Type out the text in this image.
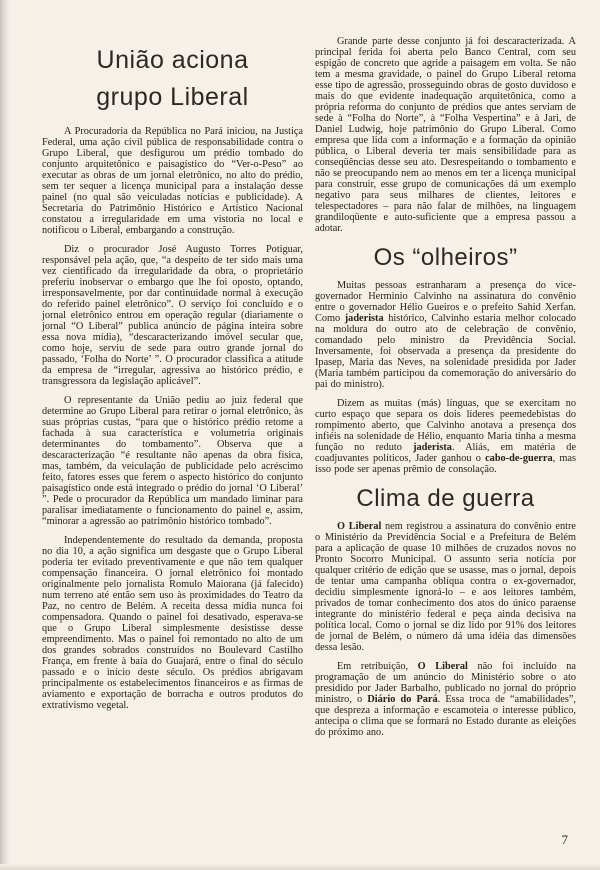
União aciona
grupo Liberal

A Procuradoria da República no Pará iniciou, na Justiça Federal, uma ação civil pública de responsabilidade contra o Grupo Liberal, que desfigurou um prédio tombado do conjunto arquitetônico e paisagístico do “Ver-o-Peso” ao executar as obras de um jornal eletrônico, no alto do prédio, sem ter sequer a licença municipal para a instalação desse painel (no qual são veiculadas notícias e publicidade). A Secretaria do Patrimônio Histórico e Artístico Nacional constatou a irregularidade em uma vistoria no local e notificou o Liberal, embargando a construção.

Diz o procurador José Augusto Torres Potiguar, responsável pela ação, que, “a despeito de ter sido mais uma vez cientificado da irregularidade da obra, o proprietário preferiu inobservar o embargo que lhe foi oposto, optando, irresponsavelmente, por dar continuidade normal à execução do referido painel eletrônico”. O serviço foi concluído e o jornal eletrônico entrou em operação regular (diariamente o jornal “O Liberal” publica anúncio de página inteira sobre essa nova mídia), “descaracterizando imóvel secular que, como hoje, serviu de sede para outro grande jornal do passado, ‘Folha do Norte’ ”. O procurador classifica a atitude da empresa de “irregular, agressiva ao histórico prédio, e transgressora da legislação aplicável”.

O representante da União pediu ao juiz federal que determine ao Grupo Liberal para retirar o jornal eletrônico, às suas próprias custas, “para que o histórico prédio retome a fachada à sua característica e volumetria originais determinantes do tombamento”. Observa que a descaracterização “é resultante não apenas da obra física, mas, também, da veiculação de publicidade pelo acréscimo feito, fatores esses que ferem o aspecto histórico do conjunto paisagístico onde está integrado o prédio do jornal ‘O Liberal’ ”. Pede o procurador da República um mandado liminar para paralisar imediatamente o funcionamento do painel e, assim, “minorar a agressão ao patrimônio histórico tombado”.

Independentemente do resultado da demanda, proposta no dia 10, a ação significa um desgaste que o Grupo Liberal poderia ter evitado preventivamente e que não tem qualquer compensação financeira. O jornal eletrônico foi montado originalmente pelo jornalista Romulo Maiorana (já falecido) num terreno até então sem uso às proximidades do Teatro da Paz, no centro de Belém. A receita dessa mídia nunca foi compensadora. Quando o painel foi desativado, esperava-se que o Grupo Liberal simplesmente desistisse desse empreendimento. Mas o painel foi remontado no alto de um dos grandes sobrados construídos no Boulevard Castilho França, em frente à baía do Guajará, entre o final do século passado e o início deste século. Os prédios abrigavam principalmente os estabelecimentos financeiros e as firmas de aviamento e exportação de borracha e outros produtos do extrativismo vegetal.

Grande parte desse conjunto já foi descaracterizada. A principal ferida foi aberta pelo Banco Central, com seu espigão de concreto que agride a paisagem em volta. Se não tem a mesma gravidade, o painel do Grupo Liberal retoma esse tipo de agressão, prosseguindo obras de gosto duvidoso e mais do que evidente inadequação arquitetônica, como a própria reforma do conjunto de prédios que antes serviam de sede à “Folha do Norte”, à “Folha Vespertina” e à Jari, de Daniel Ludwig, hoje patrimônio do Grupo Liberal. Como empresa que lida com a informação e a formação da opinião pública, o Liberal deveria ter mais sensibilidade para as conseqüências desse seu ato. Desrespeitando o tombamento e não se preocupando nem ao menos em ter a licença municipal para construir, esse grupo de comunicações dá um exemplo negativo para seus milhares de clientes, leitores e telespectadores – para não falar de milhões, na linguagem grandiloqüente e auto-suficiente que a empresa passou a adotar.

Os “olheiros”

Muitas pessoas estranharam a presença do vice-governador Herminio Calvinho na assinatura do convênio entre o governador Hélio Gueiros e o prefeito Sahid Xerfan. Como jaderista histórico, Calvinho estaria melhor colocado na moldura do outro ato de celebração de convênio, comandado pelo ministro da Previdência Social. Inversamente, foi observada a presença da presidente do Ipasep, Maria das Neves, na solenidade presidida por Jader (Maria também participou da comemoração do aniversário do pai do ministro).

Dizem as muitas (más) línguas, que se exercitam no curto espaço que separa os dois líderes peemedebistas do rompimento aberto, que Calvinho anotava a presença dos infiéis na solenidade de Hélio, enquanto Maria tinha a mesma função no reduto jaderista. Aliás, em matéria de coadjuvantes políticos, Jader ganhou o cabo-de-guerra, mas isso pode ser apenas prêmio de consolação.

Clima de guerra

O Liberal nem registrou a assinatura do convênio entre o Ministério da Previdência Social e a Prefeitura de Belém para a aplicação de quase 10 milhões de cruzados novos no Pronto Socorro Municipal. O assunto seria notícia por qualquer critério de edição que se usasse, mas o jornal, depois de tentar uma campanha oblíqua contra o ex-governador, decidiu simplesmente ignorá-lo – e aos leitores também, privados de tomar conhecimento dos atos do único paraense integrante do ministério federal e peça ainda decisiva na política local. Como o jornal se diz lido por 91% dos leitores de jornal de Belém, o número dá uma idéia das dimensões dessa lesão.

Em retribuição, O Liberal não foi incluído na programação de um anúncio do Ministério sobre o ato presidido por Jader Barbalho, publicado no jornal do próprio ministro, o Diário do Pará. Essa troca de “amabilidades”, que despreza a informação e escamoteia o interesse público, antecipa o clima que se formará no Estado durante as eleições do próximo ano.

7
